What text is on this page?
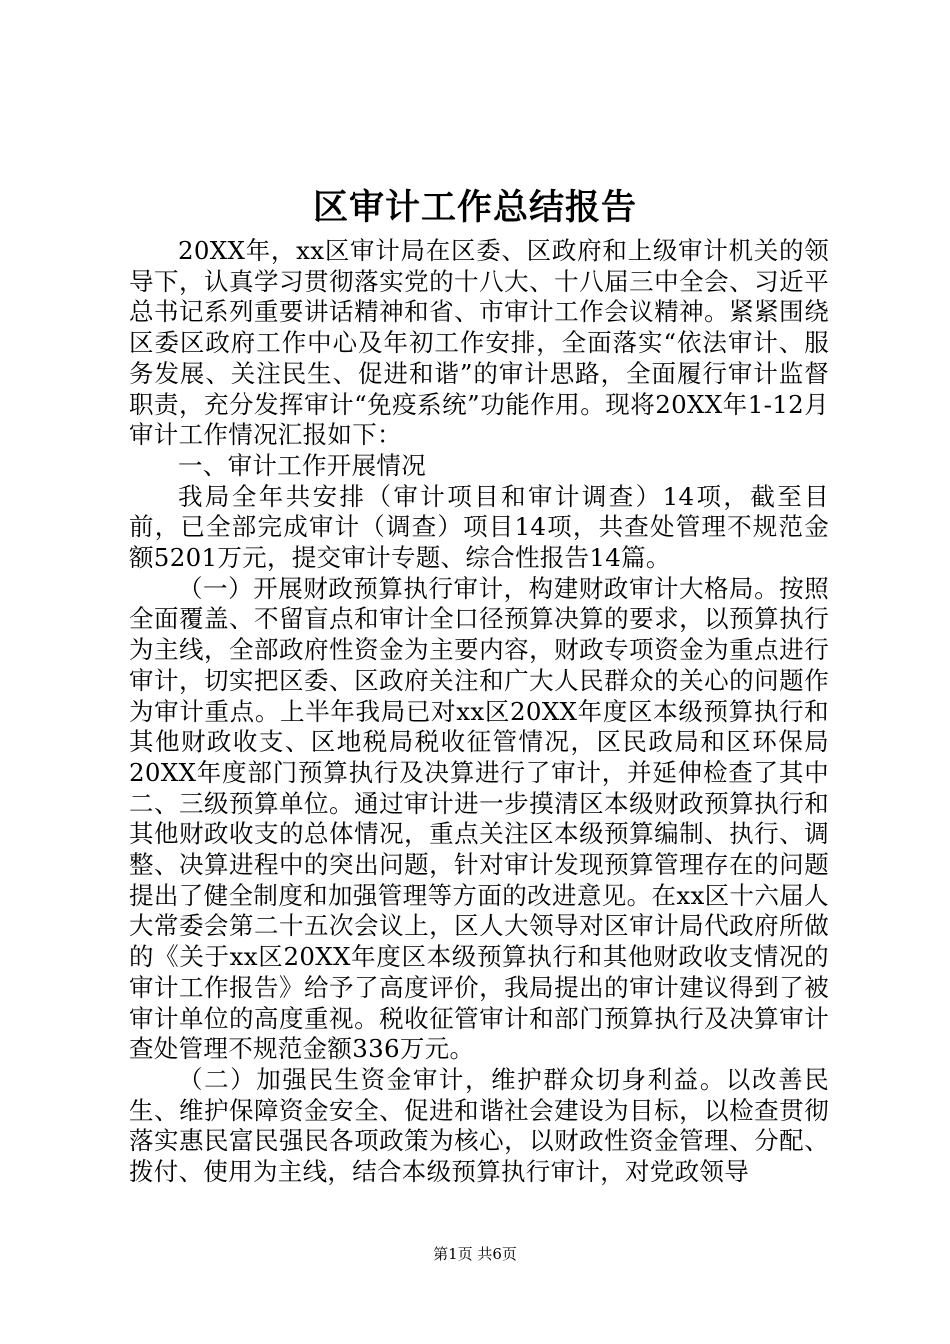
区审计工作总结报告

20XX年，xx区审计局在区委、区政府和上级审计机关的领导下，认真学习贯彻落实党的十八大、十八届三中全会、习近平总书记系列重要讲话精神和省、市审计工作会议精神。紧紧围绕区委区政府工作中心及年初工作安排，全面落实“依法审计、服务发展、关注民生、促进和谐”的审计思路，全面履行审计监督职责，充分发挥审计“免疫系统”功能作用。现将20XX年1-12月审计工作情况汇报如下：

一、审计工作开展情况

我局全年共安排（审计项目和审计调查）14项，截至目前，已全部完成审计（调查）项目14项，共查处管理不规范金额5201万元，提交审计专题、综合性报告14篇。

（一）开展财政预算执行审计，构建财政审计大格局。按照全面覆盖、不留盲点和审计全口径预算决算的要求，以预算执行为主线，全部政府性资金为主要内容，财政专项资金为重点进行审计，切实把区委、区政府关注和广大人民群众的关心的问题作为审计重点。上半年我局已对xx区20XX年度区本级预算执行和其他财政收支、区地税局税收征管情况，区民政局和区环保局20XX年度部门预算执行及决算进行了审计，并延伸检查了其中二、三级预算单位。通过审计进一步摸清区本级财政预算执行和其他财政收支的总体情况，重点关注区本级预算编制、执行、调整、决算进程中的突出问题，针对审计发现预算管理存在的问题提出了健全制度和加强管理等方面的改进意见。在xx区十六届人大常委会第二十五次会议上，区人大领导对区审计局代政府所做的《关于xx区20XX年度区本级预算执行和其他财政收支情况的审计工作报告》给予了高度评价，我局提出的审计建议得到了被审计单位的高度重视。税收征管审计和部门预算执行及决算审计查处管理不规范金额336万元。

（二）加强民生资金审计，维护群众切身利益。以改善民生、维护保障资金安全、促进和谐社会建设为目标，以检查贯彻落实惠民富民强民各项政策为核心，以财政性资金管理、分配、拨付、使用为主线，结合本级预算执行审计，对党政领导

第1页 共6页
